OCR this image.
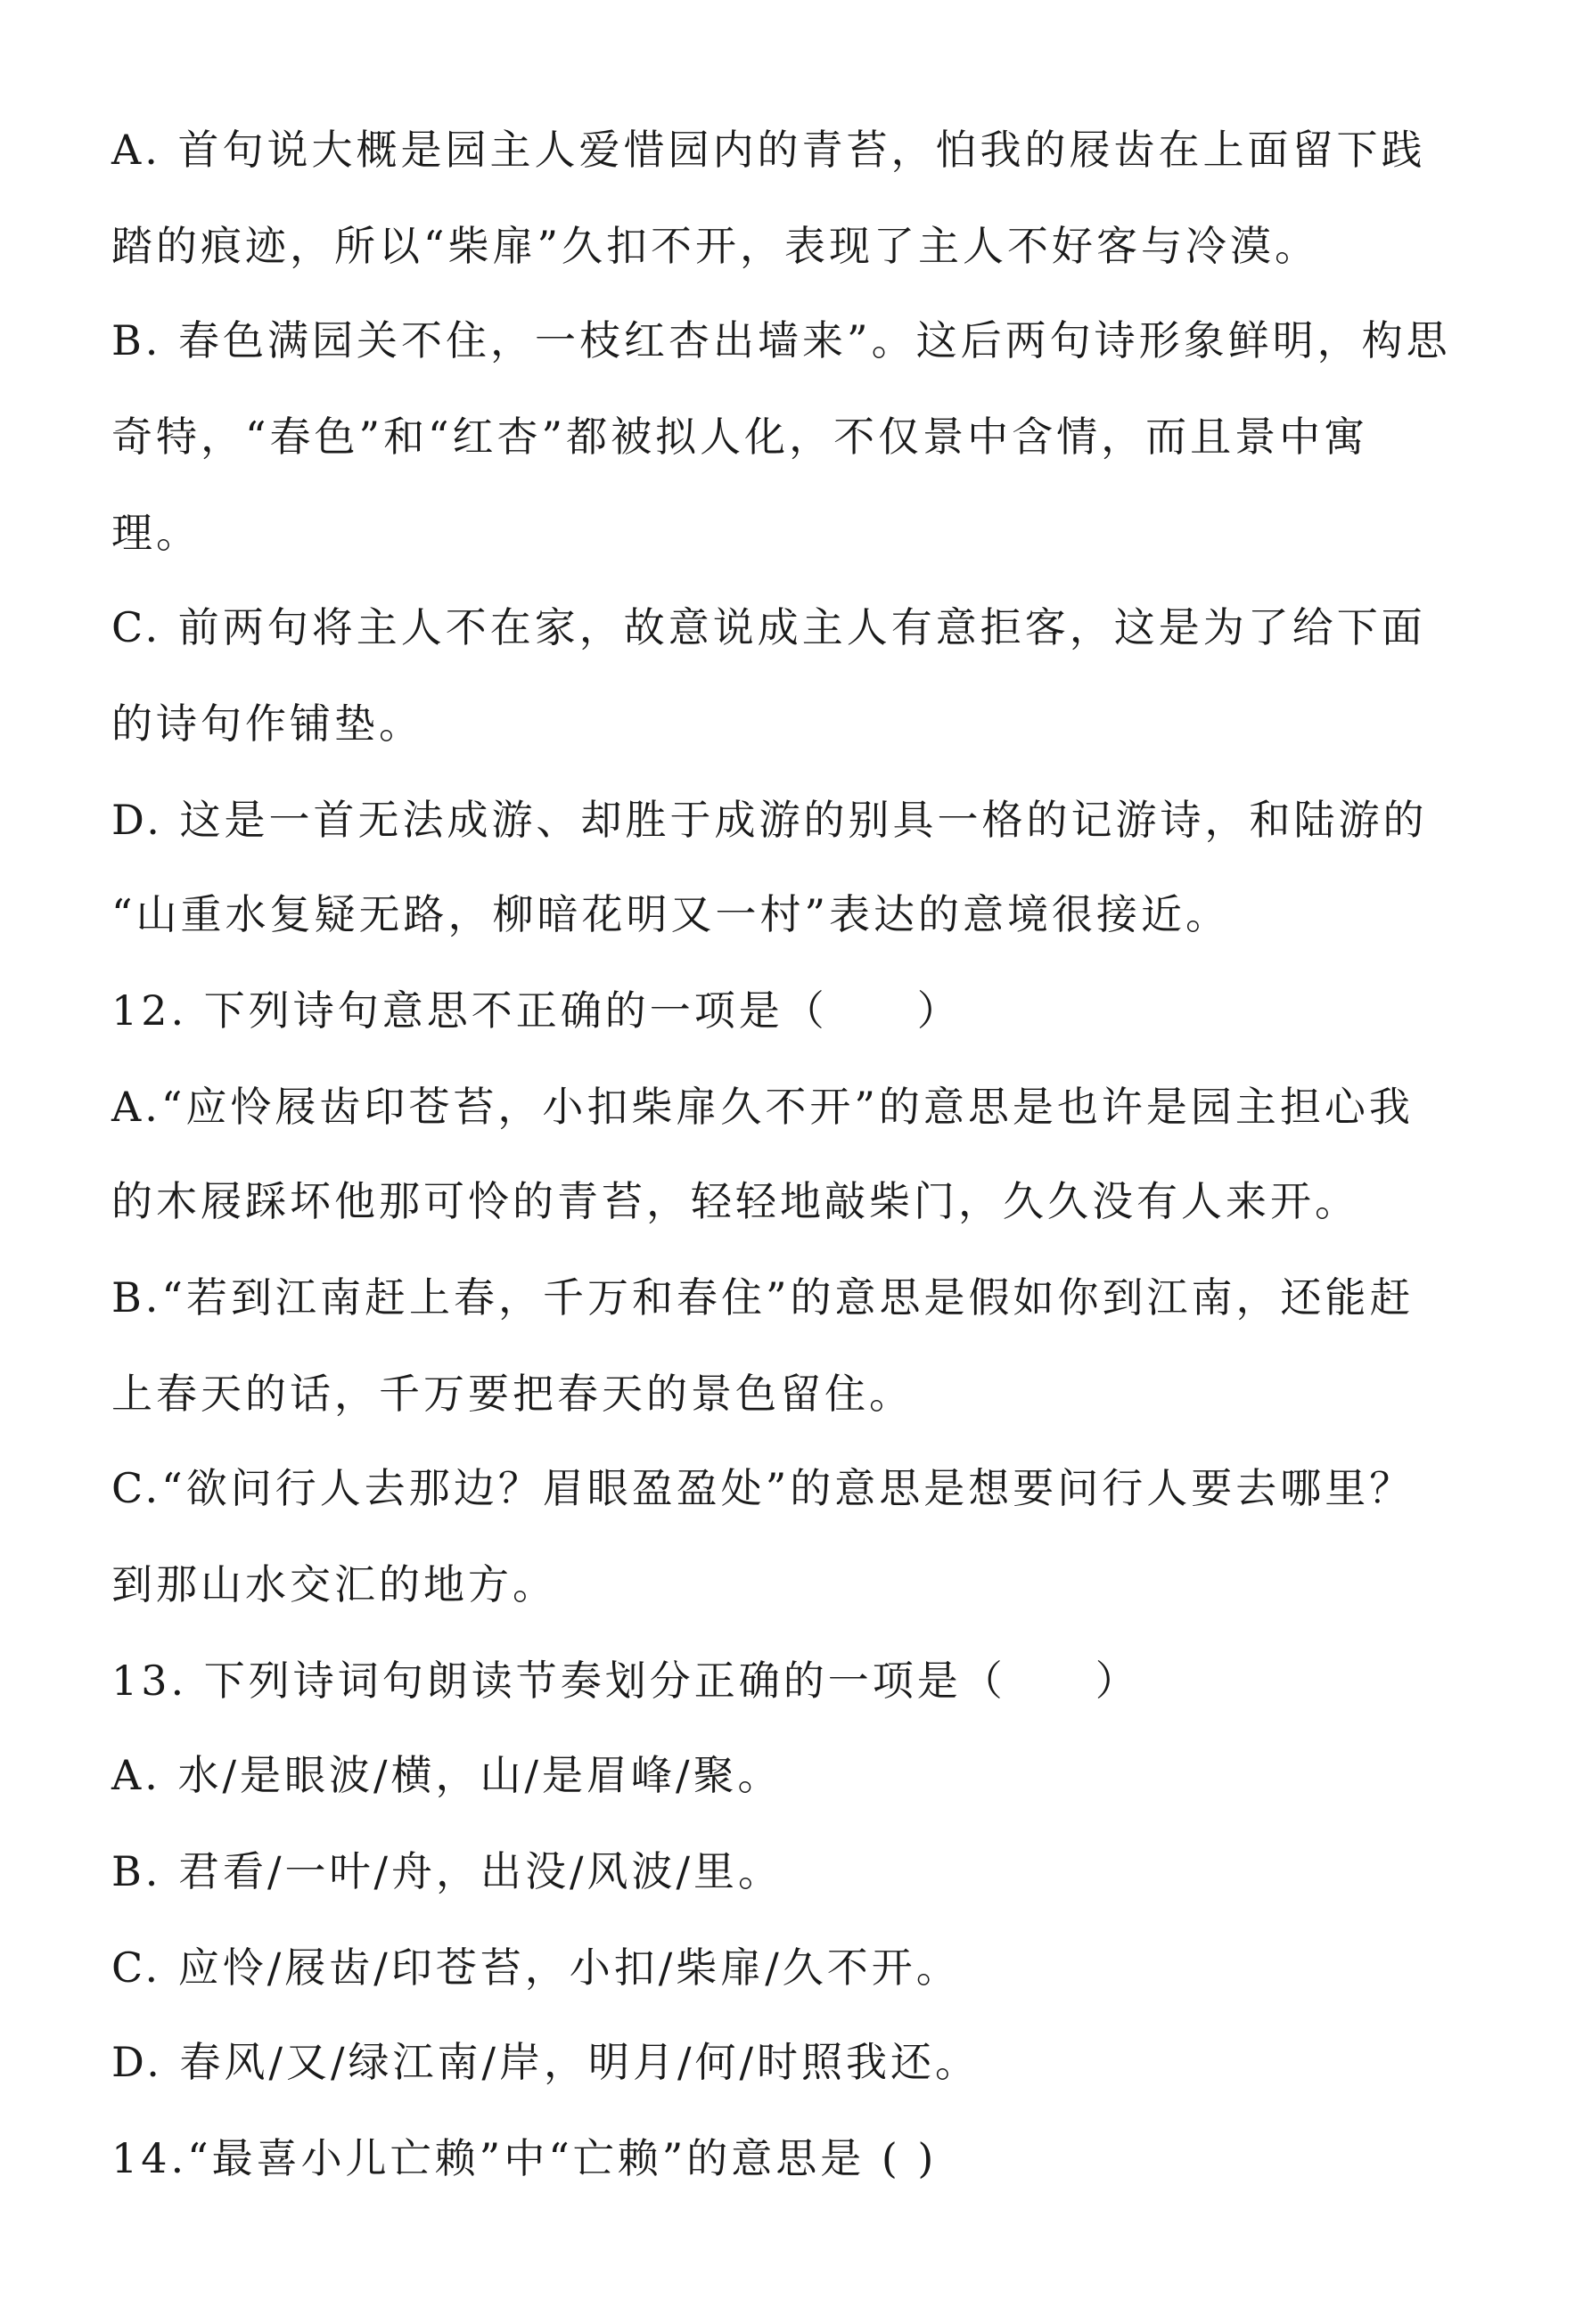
A. 首句说大概是园主人爱惜园内的青苔，怕我的屐齿在上面留下践

踏的痕迹，所以“柴扉”久扣不开，表现了主人不好客与冷漠。

B. 春色满园关不住，一枝红杏出墙来”。这后两句诗形象鲜明，构思

奇特，“春色”和“红杏”都被拟人化，不仅景中含情，而且景中寓

理。

C. 前两句将主人不在家，故意说成主人有意拒客，这是为了给下面

的诗句作铺垫。

D. 这是一首无法成游、却胜于成游的别具一格的记游诗，和陆游的

“山重水复疑无路，柳暗花明又一村”表达的意境很接近。

12. 下列诗句意思不正确的一项是（　　）

A.“应怜屐齿印苍苔，小扣柴扉久不开”的意思是也许是园主担心我

的木屐踩坏他那可怜的青苔，轻轻地敲柴门，久久没有人来开。

B.“若到江南赶上春，千万和春住”的意思是假如你到江南，还能赶

上春天的话，千万要把春天的景色留住。

C.“欲问行人去那边？眉眼盈盈处”的意思是想要问行人要去哪里？

到那山水交汇的地方。

13. 下列诗词句朗读节奏划分正确的一项是（　　）

A. 水/是眼波/横，山/是眉峰/聚。

B. 君看/一叶/舟，出没/风波/里。

C. 应怜/屐齿/印苍苔，小扣/柴扉/久不开。

D. 春风/又/绿江南/岸，明月/何/时照我还。

14.“最喜小儿亡赖”中“亡赖”的意思是 ( )
